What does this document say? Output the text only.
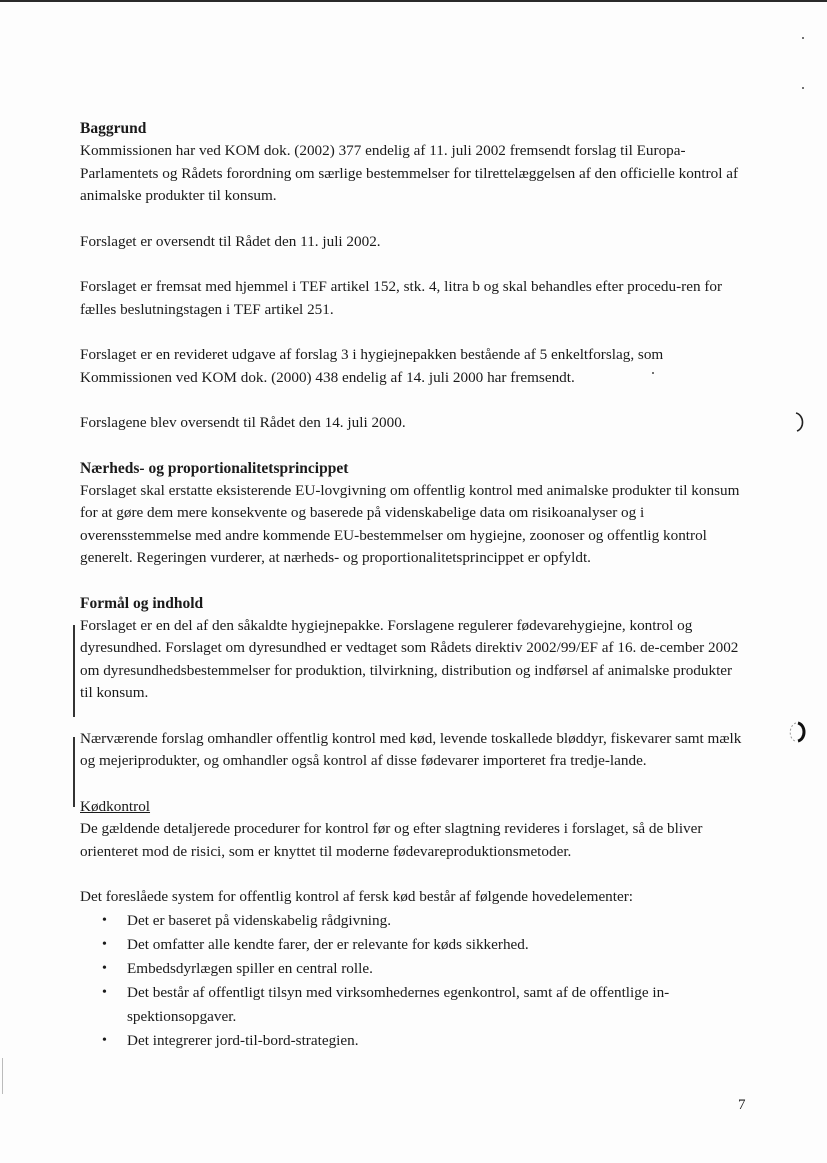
Baggrund

Kommissionen har ved KOM dok. (2002) 377 endelig af 11. juli 2002 fremsendt forslag til Europa-Parlamentets og Rådets forordning om særlige bestemmelser for tilrettelæggelsen af den officielle kontrol af animalske produkter til konsum.

Forslaget er oversendt til Rådet den 11. juli 2002.

Forslaget er fremsat med hjemmel i TEF artikel 152, stk. 4, litra b og skal behandles efter procedu-ren for fælles beslutningstagen i TEF artikel 251.

Forslaget er en revideret udgave af forslag 3 i hygiejnepakken bestående af 5 enkeltforslag, som Kommissionen ved KOM dok. (2000) 438 endelig af 14. juli 2000 har fremsendt.

Forslagene blev oversendt til Rådet den 14. juli 2000.

Nærheds- og proportionalitetsprincippet

Forslaget skal erstatte eksisterende EU-lovgivning om offentlig kontrol med animalske produkter til konsum for at gøre dem mere konsekvente og baserede på videnskabelige data om risikoanalyser og i overensstemmelse med andre kommende EU-bestemmelser om hygiejne, zoonoser og offentlig kontrol generelt. Regeringen vurderer, at nærheds- og proportionalitetsprincippet er opfyldt.

Formål og indhold

Forslaget er en del af den såkaldte hygiejnepakke. Forslagene regulerer fødevarehygiejne, kontrol og dyresundhed. Forslaget om dyresundhed er vedtaget som Rådets direktiv 2002/99/EF af 16. de-cember 2002 om dyresundhedsbestemmelser for produktion, tilvirkning, distribution og indførsel af animalske produkter til konsum.

Nærværende forslag omhandler offentlig kontrol med kød, levende toskallede bløddyr, fiskevarer samt mælk og mejeriprodukter, og omhandler også kontrol af disse fødevarer importeret fra tredje-lande.

Kødkontrol

De gældende detaljerede procedurer for kontrol før og efter slagtning revideres i forslaget, så de bliver orienteret mod de risici, som er knyttet til moderne fødevareproduktionsmetoder.

Det foreslåede system for offentlig kontrol af fersk kød består af følgende hovedelementer:

• Det er baseret på videnskabelig rådgivning.
• Det omfatter alle kendte farer, der er relevante for køds sikkerhed.
• Embedsdyrlægen spiller en central rolle.
• Det består af offentligt tilsyn med virksomhedernes egenkontrol, samt af de offentlige in-spektionsopgaver.
• Det integrerer jord-til-bord-strategien.
7
